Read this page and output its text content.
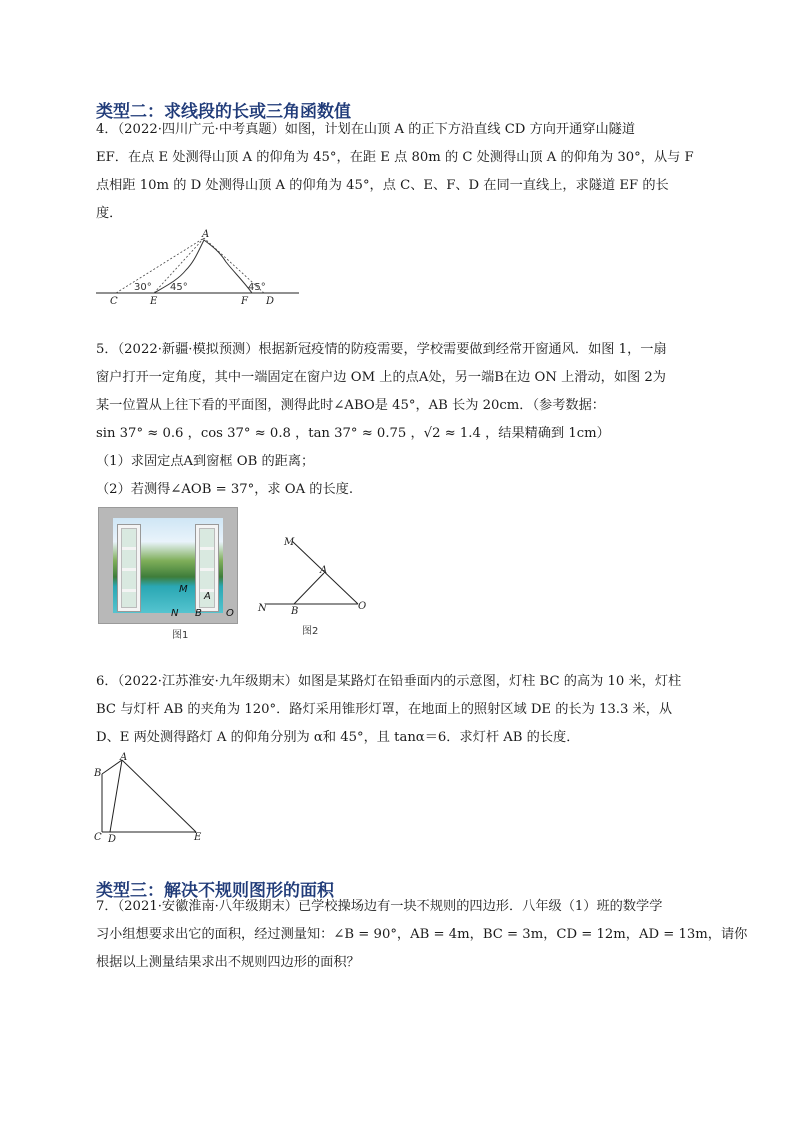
类型二：求线段的长或三角函数值

4．（2022·四川广元·中考真题）如图，计划在山顶 A 的正下方沿直线 CD 方向开通穿山隧道
EF．在点 E 处测得山顶 A 的仰角为 45°，在距 E 点 80m 的 C 处测得山顶 A 的仰角为 30°，从与 F
点相距 10m 的 D 处测得山顶 A 的仰角为 45°，点 C、E、F、D 在同一直线上，求隧道 EF 的长
度．

A
C	E	F D
30° 45°	45°

5．（2022·新疆·模拟预测）根据新冠疫情的防疫需要，学校需要做到经常开窗通风．如图 1，一扇
窗户打开一定角度，其中一端固定在窗户边 OM 上的点A处，另一端B在边 ON 上滑动，如图 2为
某一位置从上往下看的平面图，测得此时∠ABO是 45°，AB 长为 20cm．（参考数据：
sin 37° ≈ 0.6 ，cos 37° ≈ 0.8 ，tan 37° ≈ 0.75 ，√2 ≈ 1.4 ，结果精确到 1cm）
（1）求固定点A到窗框 OB 的距离；
（2）若测得∠AOB = 37°，求 OA 的长度.

M
A
N B O
图1
M
A
N B	O
图2

6．（2022·江苏淮安·九年级期末）如图是某路灯在铅垂面内的示意图，灯柱 BC 的高为 10 米，灯柱
BC 与灯杆 AB 的夹角为 120°．路灯采用锥形灯罩，在地面上的照射区域 DE 的长为 13.3 米，从
D、E 两处测得路灯 A 的仰角分别为 α和 45°，且 tanα＝6．求灯杆 AB 的长度．

A
B
C D	E
类型三：解决不规则图形的面积

7．（2021·安徽淮南·八年级期末）已学校操场边有一块不规则的四边形．八年级（1）班的数学学
习小组想要求出它的面积，经过测量知：∠B = 90°，AB = 4m，BC = 3m，CD = 12m，AD = 13m，请你
根据以上测量结果求出不规则四边形的面积？
